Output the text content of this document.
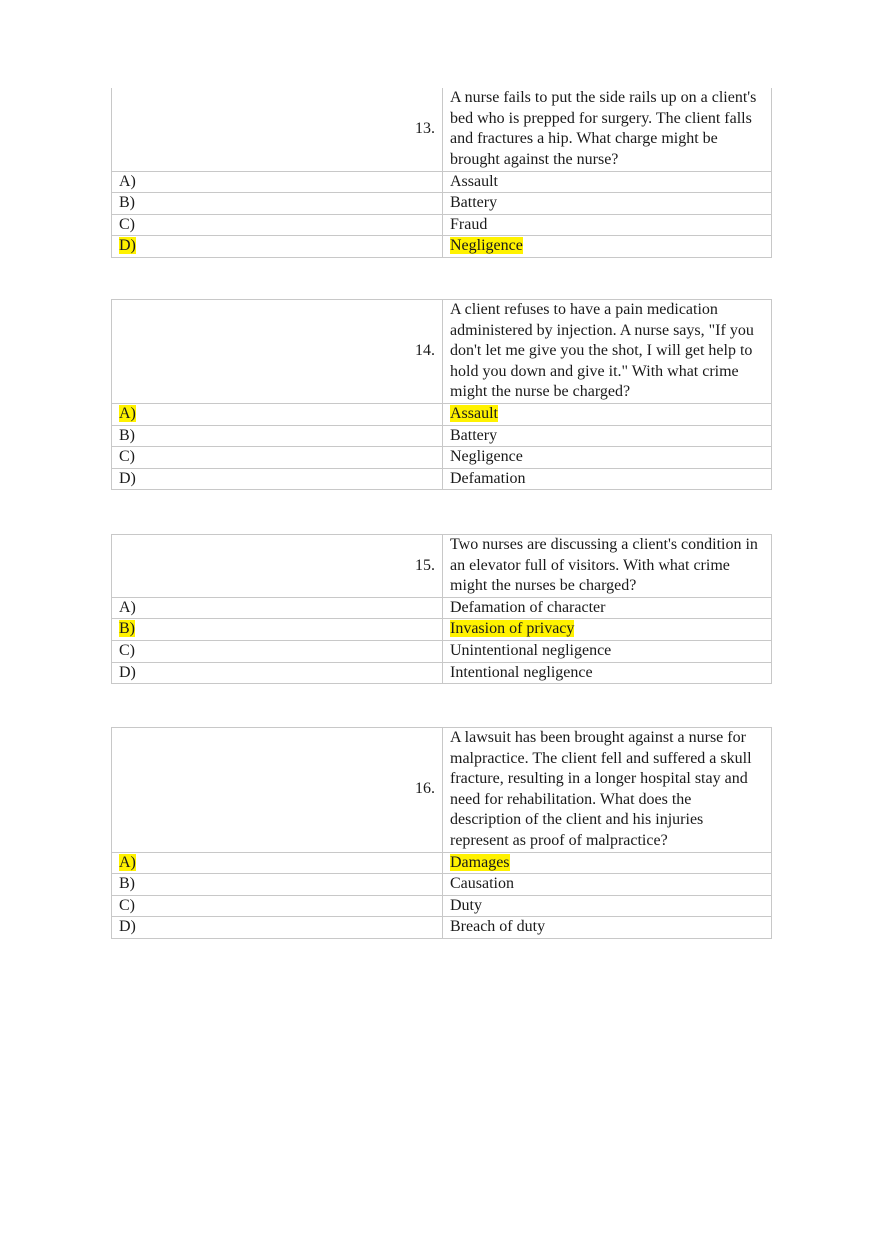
13.	A nurse fails to put the side rails up on a client's bed who is prepped for surgery. The client falls and fractures a hip. What charge might be brought against the nurse?
A)	Assault
B)	Battery
C)	Fraud
D)	Negligence
14.	A client refuses to have a pain medication administered by injection. A nurse says, "If you don't let me give you the shot, I will get help to hold you down and give it." With what crime might the nurse be charged?
A)	Assault
B)	Battery
C)	Negligence
D)	Defamation
15.	Two nurses are discussing a client's condition in an elevator full of visitors. With what crime might the nurses be charged?
A)	Defamation of character
B)	Invasion of privacy
C)	Unintentional negligence
D)	Intentional negligence
16.	A lawsuit has been brought against a nurse for malpractice. The client fell and suffered a skull fracture, resulting in a longer hospital stay and need for rehabilitation. What does the description of the client and his injuries represent as proof of malpractice?
A)	Damages
B)	Causation
C)	Duty
D)	Breach of duty
